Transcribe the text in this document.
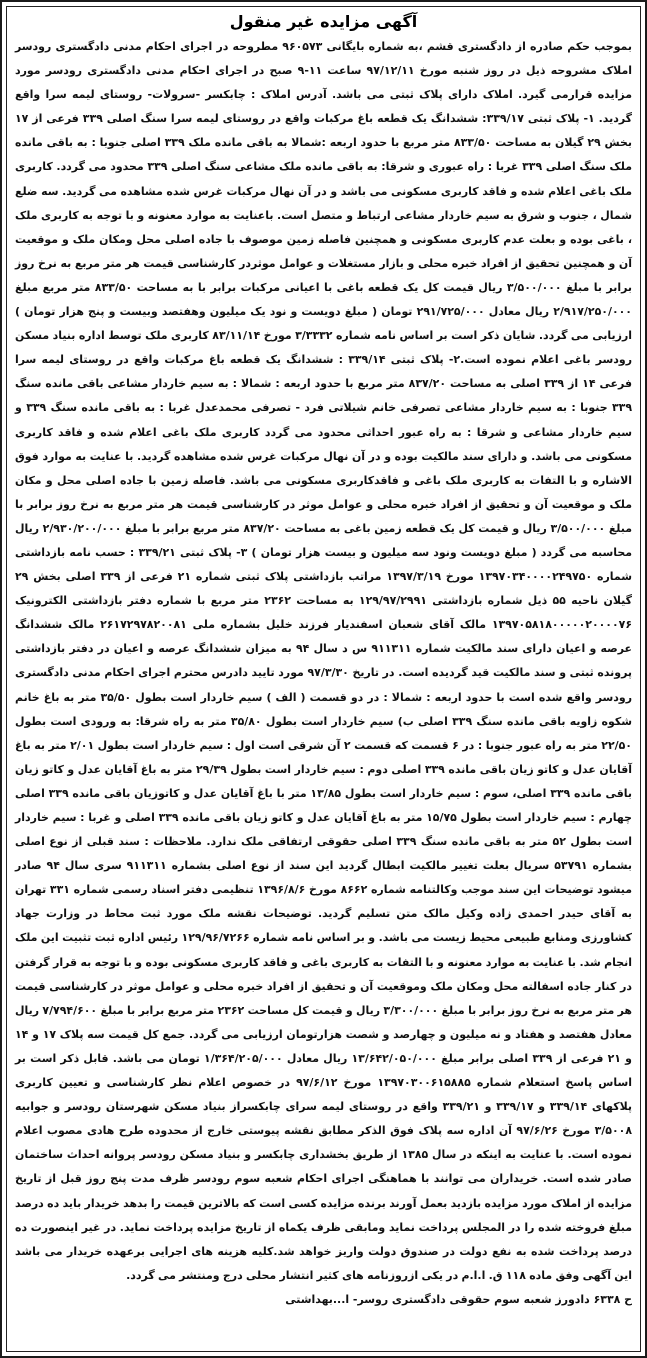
آگهی مزایده غیر منقول

بموجب حکم صادره از دادگستری قشم ،به شماره بایگانی ۹۶۰۵۷۳ مطروحه در اجرای احکام مدنی دادگستری رودسر املاک مشروحه ذیل در روز شنبه مورخ ۹۷/۱۲/۱۱ ساعت ۱۱-۹ صبح در اجرای احکام مدنی دادگستری رودسر مورد مزایده قرارمی گیرد. املاک دارای پلاک ثبتی می باشد. آدرس املاک : چابکسر -سرولات- روستای لیمه سرا واقع گردید. ۱- پلاک ثبتی ۳۳۹/۱۷: ششدانگ یک قطعه باغ مرکبات واقع در روستای لیمه سرا سنگ اصلی ۳۳۹ فرعی از ۱۷ بخش ۲۹ گیلان به مساحت ۸۳۳/۵۰ متر مربع با حدود اربعه :شمالا به باقی مانده ملک ۳۳۹ اصلی جنوبا : به باقی مانده ملک سنگ اصلی ۳۳۹ غربا : راه عبوری و شرقا: به باقی مانده ملک مشاعی سنگ اصلی ۳۳۹ محدود می گردد. کاربری ملک باغی اعلام شده و فاقد کاربری مسکونی می باشد و در آن نهال مرکبات غرس شده مشاهده می گردید. سه ضلع شمال ، جنوب و شرق به سیم خاردار مشاعی ارتباط و متصل است. باعنایت به موارد معنونه و با توجه به کاربری ملک ، باغی بوده و بعلت عدم کاربری مسکونی و همچنین فاصله زمین موصوف با جاده اصلی محل ومکان ملک و موقعیت آن و همچنین تحقیق از افراد خبره محلی و بازار مستغلات و عوامل موثردر کارشناسی قیمت هر متر مربع به نرخ روز برابر با مبلغ ۳/۵۰۰/۰۰۰ ریال قیمت کل یک قطعه باغی با اعیانی مرکبات برابر با به مساحت ۸۳۳/۵۰ متر مربع مبلغ ۲/۹۱۷/۲۵۰/۰۰۰ ریال معادل ۲۹۱/۷۲۵/۰۰۰ تومان ( مبلغ دویست و نود یک میلیون وهفتصد وبیست و پنج هزار تومان ) ارزیابی می گردد. شایان ذکر است بر اساس نامه شماره ۳/۳۳۳۲ مورخ ۸۳/۱۱/۱۴ کاربری ملک توسط اداره بنیاد مسکن رودسر باغی اعلام نموده است.۲- پلاک ثبتی ۳۳۹/۱۴ : ششدانگ یک قطعه باغ مرکبات واقع در روستای لیمه سرا فرعی ۱۴ از ۳۳۹ اصلی به مساحت ۸۳۷/۲۰ متر مربع با حدود اربعه : شمالا : به سیم خاردار مشاعی باقی مانده سنگ ۳۳۹ جنوبا : به سیم خاردار مشاعی تصرفی خانم شیلاتی فرد - تصرفی محمدعدل غربا : به باقی مانده سنگ ۳۳۹ و سیم خاردار مشاعی و شرقا : به راه عبور احداثی محدود می گردد کاربری ملک باغی اعلام شده و فاقد کاربری مسکونی می باشد. و دارای سند مالکیت بوده و در آن نهال مرکبات غرس شده مشاهده گردید. با عنایت به موارد فوق الاشاره و با التفات به کاربری ملک باغی و فاقدکاربری مسکونی می باشد. فاصله زمین با جاده اصلی محل و مکان ملک و موقعیت آن و تحقیق از افراد خبره محلی و عوامل موثر در کارشناسی قیمت هر متر مربع به نرخ روز برابر با مبلغ ۳/۵۰۰/۰۰۰ ریال و قیمت کل یک قطعه زمین باغی به مساحت ۸۳۷/۲۰ متر مربع برابر با مبلغ ۲/۹۳۰/۲۰۰/۰۰۰ ریال محاسبه می گردد ( مبلغ دویست ونود سه میلیون و بیست هزار تومان ) ۳- پلاک ثبتی ۳۳۹/۲۱ : حسب نامه بازداشتی شماره ۱۳۹۷۰۳۴۰۰۰۰۲۴۹۷۵۰ مورخ ۱۳۹۷/۳/۱۹ مراتب بازداشتی پلاک ثبتی شماره ۲۱ فرعی از ۳۳۹ اصلی بخش ۲۹ گیلان ناحیه ۵۵ ذیل شماره بازداشتی ۱۲۹/۹۷/۲۹۹۱ به مساحت ۲۳۶۲ متر مربع با شماره دفتر بازداشتی الکترونیک ۱۳۹۷۰۵۸۱۸۰۰۰۰۰۲۰۰۰۰۷۶ مالک آقای شعبان اسفندیار فرزند خلیل بشماره ملی ۲۶۱۷۲۹۷۸۲۰۰۸۱ مالک ششدانگ عرصه و اعیان دارای سند مالکیت شماره ۹۱۱۳۱۱ س د سال ۹۴ به میزان ششدانگ عرصه و اعیان در دفتر بازداشتی پرونده ثبتی و سند مالکیت قید گردیده است. در تاریخ ۹۷/۳/۳۰ مورد تایید دادرس محترم اجرای احکام مدنی دادگستری رودسر واقع شده است با حدود اربعه : شمالا : در دو قسمت ( الف ) سیم خاردار است بطول ۳۵/۵۰ متر به باغ خانم شکوه زاویه باقی مانده سنگ ۳۳۹ اصلی ب) سیم خاردار است بطول ۳۵/۸۰ متر به راه شرقا: به ورودی است بطول ۲۲/۵۰ متر به راه عبور جنوبا : در ۶ قسمت که قسمت ۲ آن شرقی است اول : سیم خاردار است بطول ۲/۰۱ متر به باغ آقایان عدل و کاتو زیان باقی مانده ۳۳۹ اصلی دوم : سیم خاردار است بطول ۲۹/۳۹ متر به باغ آقایان عدل و کاتو زیان باقی مانده ۳۳۹ اصلی، سوم : سیم خاردار است بطول ۱۳/۸۵ متر با باغ آقایان عدل و کاتوزیان باقی مانده ۳۳۹ اصلی چهارم : سیم خاردار است بطول ۱۵/۷۵ متر به باغ آقایان عدل و کاتو زیان باقی مانده ۳۳۹ اصلی و غربا : سیم خاردار است بطول ۵۲ متر به باقی مانده سنگ ۳۳۹ اصلی حقوقی ارتفاقی ملک ندارد. ملاحظات : سند قبلی از نوع اصلی بشماره ۵۳۷۹۱ سریال بعلت تغییر مالکیت ابطال گردید این سند از نوع اصلی بشماره ۹۱۱۳۱۱ سری سال ۹۴ صادر میشود توضیحات این سند موجب وکالتنامه شماره ۸۶۶۲ مورخ ۱۳۹۶/۸/۶ تنظیمی دفتر اسناد رسمی شماره ۳۳۱ تهران به آقای حیدر احمدی زاده وکیل مالک متن تسلیم گردید. توضیحات نقشه ملک مورد ثبت محاط در وزارت جهاد کشاورزی ومنابع طبیعی محیط زیست می باشد. و بر اساس نامه شماره ۱۲۹/۹۶/۷۲۶۶ رئیس اداره ثبت تثبیت این ملک انجام شد. با عنایت به موارد معنونه و با التفات به کاربری باغی و فاقد کاربری مسکونی بوده و با توجه به قرار گرفتن در کنار جاده اسفالته محل ومکان ملک وموقعیت آن و تحقیق از افراد خبره محلی و عوامل موثر در کارشناسی قیمت هر متر مربع به نرخ روز برابر با مبلغ ۳/۳۰۰/۰۰۰ ریال و قیمت کل مساحت ۲۳۶۲ متر مربع برابر با مبلغ ۷/۷۹۴/۶۰۰ ریال معادل هفتصد و هفتاد و نه میلیون و چهارصد و شصت هزارتومان ارزیابی می گردد. جمع کل قیمت سه پلاک ۱۷ و ۱۴ و ۲۱ فرعی از ۳۳۹ اصلی برابر مبلغ ۱۳/۶۴۲/۰۵۰/۰۰۰ ریال معادل ۱/۳۶۴/۲۰۵/۰۰۰ تومان می باشد. قابل ذکر است بر اساس پاسخ استعلام شماره ۱۳۹۷۰۳۰۰۶۱۵۸۸۵ مورخ ۹۷/۶/۱۲ در خصوص اعلام نظر کارشناسی و تعیین کاربری پلاکهای ۳۳۹/۱۴ و ۳۳۹/۱۷ و ۳۳۹/۲۱ واقع در روستای لیمه سرای چابکسراز بنیاد مسکن شهرستان رودسر و جوابیه ۳/۵۰۰۸ مورخ ۹۷/۶/۲۶ آن اداره سه پلاک فوق الذکر مطابق نقشه پیوستی خارج از محدوده طرح هادی مصوب اعلام نموده است. با عنایت به اینکه در سال ۱۳۸۵ از طریق بخشداری چابکسر و بنیاد مسکن رودسر پروانه احداث ساختمان صادر شده است. خریداران می توانند با هماهنگی اجرای احکام شعبه سوم رودسر ظرف مدت پنج روز قبل از تاریخ مزایده از املاک مورد مزایده بازدید بعمل آورند برنده مزایده کسی است که بالاترین قیمت را بدهد خریدار باید ده درصد مبلغ فروخته شده را در المجلس پرداخت نماید ومابقی ظرف یکماه از تاریخ مزایده پرداخت نماید. در غیر اینصورت ده درصد پرداخت شده به نفع دولت در صندوق دولت واریز خواهد شد.کلیه هزینه های اجرایی برعهده خریدار می باشد این آگهی وفق ماده ۱۱۸ ق. ا.ا.م در یکی ازروزنامه های کثیر انتشار محلی درج ومنتشر می گردد.

ح ۶۳۳۸ دادورز شعبه سوم حقوقی دادگستری روسر- ا...بهداشتی
